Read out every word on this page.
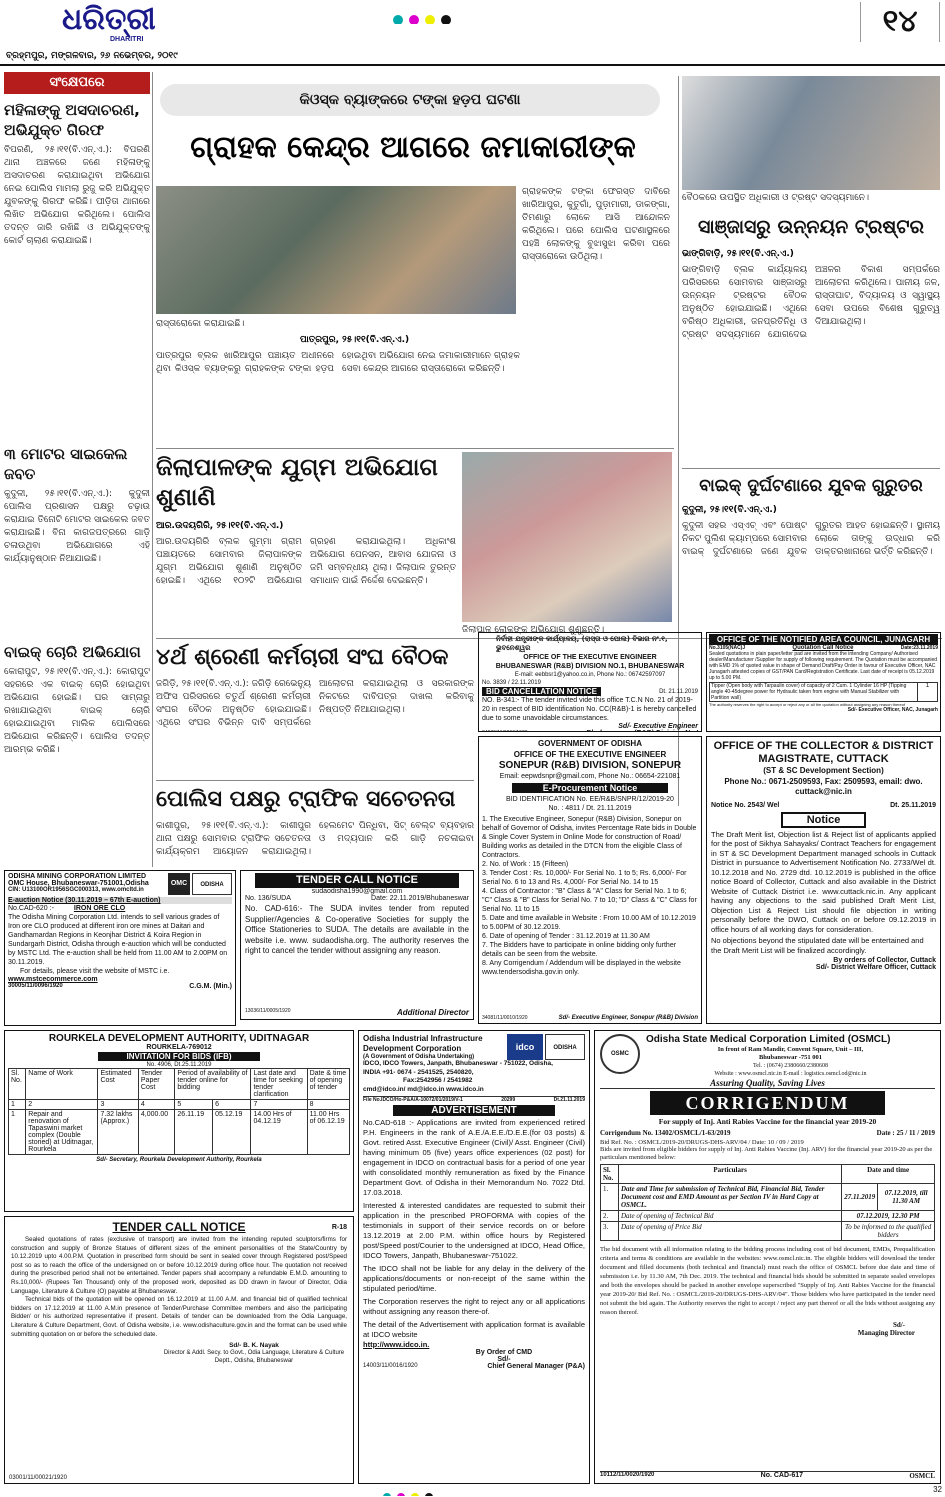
ଧରିତ୍ରୀ
DHARITRI
ବ୍ରହ୍ମପୁର, ମଙ୍ଗଳବାର, ୨୬ ନଭେମ୍ବର, ୨୦୧୯
୧୪
ସଂକ୍ଷେପରେ
ମହିଳାଙ୍କୁ ଅସଦାଚରଣ, ଅଭିଯୁକ୍ତ ଗିରଫ
ବିପରଣି, ୨୫।୧୧(ବି.ଏନ୍.ଏ.): ବିପରଣି ଥାନା ଅଞ୍ଚଳରେ ଜଣେ ମହିଳାଙ୍କୁ ଅସଦାଚରଣ କରାଯାଇଥିବା ଅଭିଯୋଗ ନେଇ ପୋଲିସ ମାମଲା ରୁଜୁ କରି ଅଭିଯୁକ୍ତ ଯୁବକଙ୍କୁ ଗିରଫ କରିଛି। ପୀଡ଼ିତା ଥାନାରେ ଲିଖିତ ଅଭିଯୋଗ କରିଥିଲେ। ପୋଲିସ ତଦନ୍ତ ଜାରି ରଖିଛି ଓ ଅଭିଯୁକ୍ତଙ୍କୁ କୋର୍ଟ ଚାଲାଣ କରାଯାଇଛି।
୩ ମୋଟର ସାଇକେଲ ଜବତ
କୁଦୁଳୀ, ୨୫।୧୧(ବି.ଏନ୍.ଏ.): କୁଦୁଳୀ ପୋଲିସ ପ୍ରଶାସନ ପକ୍ଷରୁ ଚଢ଼ାଉ କରାଯାଇ ତିନୋଟି ମୋଟର ସାଇକେଲ ଜବତ କରାଯାଇଛି। ବିନା କାଗଜପତ୍ରରେ ଗାଡ଼ି ଚଳାଉଥିବା ଅଭିଯୋଗରେ ଏହି କାର୍ଯ୍ୟାନୁଷ୍ଠାନ ନିଆଯାଇଛି।
ବାଇକ୍ ଚୋରି ଅଭିଯୋଗ
କୋରାପୁଟ, ୨୫।୧୧(ବି.ଏନ୍.ଏ.): କୋରାପୁଟ ସହରରେ ଏକ ବାଇକ୍ ଚୋରି ହୋଇଥିବା ଅଭିଯୋଗ ହୋଇଛି। ଘର ସାମ୍ନାରୁ ରଖାଯାଇଥିବା ବାଇକ୍ ଚୋରି ହୋଇଯାଇଥିବା ମାଲିକ ପୋଲିସରେ ଅଭିଯୋଗ କରିଛନ୍ତି। ପୋଲିସ ତଦନ୍ତ ଆରମ୍ଭ କରିଛି।
କିଓସ୍କ ବ୍ୟାଙ୍କରେ ଟଙ୍କା ହଡ଼ପ ଘଟଣା
ଗ୍ରାହକ କେନ୍ଦ୍ର ଆଗରେ ଜମାକାରୀଙ୍କ
ରାସ୍ତାରୋକୋ କରାଯାଇଛି।
ଗ୍ରାହକଙ୍କ ଟଙ୍କା ଫେରସ୍ତ ଦାବିରେ ଖାରିଆପୁର, କୁତୁଗାଁ, ପୁଡ଼ାମାରୀ, ଡାକଙ୍ଗା, ତିମଣାରୁ ଲୋକେ ଆସି ଆନ୍ଦୋଳନ କରିଥିଲେ। ପରେ ପୋଲିସ ଘଟଣାସ୍ଥଳରେ ପହଞ୍ଚି ଲୋକଙ୍କୁ ବୁଝାସୁଝା କରିବା ପରେ ରାସ୍ତାରୋକୋ ଉଠିଥିଲା।
ପାତ୍ରପୁର, ୨୫।୧୧(ବି.ଏନ୍.ଏ.)
ପାତ୍ରପୁର ବ୍ଲକ ଖାରିଆପୁର ପଞ୍ଚାୟତ ଅଧୀନରେ ଥିବା କିଓସ୍କ ବ୍ୟାଙ୍କରୁ ଗ୍ରାହକଙ୍କ ଟଙ୍କା ହଡ଼ପ ହୋଇଥିବା ଅଭିଯୋଗ ନେଇ ଜମାକାରୀମାନେ ଗ୍ରାହକ ସେବା କେନ୍ଦ୍ର ଆଗରେ ରାସ୍ତାରୋକୋ କରିଛନ୍ତି।
ବୈଠକରେ ଉପସ୍ଥିତ ଅଧିକାରୀ ଓ ଟ୍ରଷ୍ଟ ସଦସ୍ୟମାନେ।
ସାଞ୍ଜାସରୁ ଉନ୍ନୟନ ଟ୍ରଷ୍ଟର
ଭାଙ୍ଗିବାଡ଼ି, ୨୫।୧୧(ବି.ଏନ୍.ଏ.)
ଭାଙ୍ଗିବାଡ଼ି ବ୍ଲକ କାର୍ଯ୍ୟାଳୟ ପରିସରରେ ସୋମବାର ସାଞ୍ଜାସରୁ ଉନ୍ନୟନ ଟ୍ରଷ୍ଟର ବୈଠକ ଅନୁଷ୍ଠିତ ହୋଇଯାଇଛି। ଏଥିରେ ବରିଷ୍ଠ ଅଧିକାରୀ, ଜନପ୍ରତିନିଧି ଓ ଟ୍ରଷ୍ଟ ସଦସ୍ୟମାନେ ଯୋଗଦେଇ ଅଞ୍ଚଳର ବିକାଶ ସମ୍ପର୍କରେ ଆଲୋଚନା କରିଥିଲେ। ପାନୀୟ ଜଳ, ରାସ୍ତାଘାଟ, ବିଦ୍ୟାଳୟ ଓ ସ୍ୱାସ୍ଥ୍ୟ ସେବା ଉପରେ ବିଶେଷ ଗୁରୁତ୍ୱ ଦିଆଯାଇଥିଲା।
ଜିଲାପାଳଙ୍କ ଯୁଗ୍ମ ଅଭିଯୋଗ ଶୁଣାଣି
ଆର.ଉଦୟଗିରି, ୨୫।୧୧(ବି.ଏନ୍.ଏ.)
ଆର.ଉଦୟଗିରି ବ୍ଲକ ଗୁମ୍ମା ଗ୍ରାମ ପଞ୍ଚାୟତରେ ସୋମବାର ଜିଲାପାଳଙ୍କ ଯୁଗ୍ମ ଅଭିଯୋଗ ଶୁଣାଣି ଅନୁଷ୍ଠିତ ହୋଇଛି। ଏଥିରେ ୧୦୨ଟି ଅଭିଯୋଗ ଗ୍ରହଣ କରାଯାଇଥିଲା। ଅଧିକାଂଶ ଅଭିଯୋଗ ପେନସନ, ଆବାସ ଯୋଜନା ଓ ଜମି ସମ୍ବନ୍ଧୀୟ ଥିଲା। ଜିଲାପାଳ ତୁରନ୍ତ ସମାଧାନ ପାଇଁ ନିର୍ଦ୍ଦେଶ ଦେଇଛନ୍ତି।
ଜିଲାପାଳ ଲୋକଙ୍କ ଅଭିଯୋଗ ଶୁଣୁଛନ୍ତି।
ବାଇକ୍ ଦୁର୍ଘଟଣାରେ ଯୁବକ ଗୁରୁତର
କୁଦୁଳୀ, ୨୫।୧୧(ବି.ଏନ୍.ଏ.)
କୁଦୁଳୀ ସହର ଏସ୍ଏଚ୍ ଏବଂ ପୋଷ୍ଟ ନିକଟ ପୁଲିଶ କ୍ୟାମ୍ପରେ ସୋମବାର ବାଇକ୍ ଦୁର୍ଘଟଣାରେ ଜଣେ ଯୁବକ ଗୁରୁତର ଆହତ ହୋଇଛନ୍ତି। ସ୍ଥାନୀୟ ଲୋକେ ତାଙ୍କୁ ଉଦ୍ଧାର କରି ଡାକ୍ତରଖାନାରେ ଭର୍ତ୍ତି କରିଛନ୍ତି।
୪ର୍ଥ ଶ୍ରେଣୀ କର୍ମଚାରୀ ସଂଘ ବୈଠକ
ଜଗିଡ଼ି, ୨୫।୧୧(ବି.ଏନ୍.ଏ.): ଜଗିଡ଼ି ରେଭେନ୍ୟୁ ଅଫିସ ପରିସରରେ ଚତୁର୍ଥ ଶ୍ରେଣୀ କର୍ମଚାରୀ ସଂଘର ବୈଠକ ଅନୁଷ୍ଠିତ ହୋଇଯାଇଛି। ଏଥିରେ ସଂଘର ବିଭିନ୍ନ ଦାବି ସମ୍ପର୍କରେ ଆଲୋଚନା କରାଯାଇଥିଲା ଓ ସରକାରଙ୍କ ନିକଟରେ ଦାବିପତ୍ର ଦାଖଲ କରିବାକୁ ନିଷ୍ପତ୍ତି ନିଆଯାଇଥିଲା।
ପୋଲିସ ପକ୍ଷରୁ ଟ୍ରାଫିକ ସଚେତନତା
କାଶୀପୁର, ୨୫।୧୧(ବି.ଏନ୍.ଏ.): କାଶୀପୁର ଥାନା ପକ୍ଷରୁ ସୋମବାର ଟ୍ରାଫିକ ସଚେତନତା କାର୍ଯ୍ୟକ୍ରମ ଆୟୋଜନ କରାଯାଇଥିଲା। ହେଲମେଟ ପିନ୍ଧିବା, ସିଟ୍ ବେଲ୍ଟ ବ୍ୟବହାର ଓ ମଦ୍ୟପାନ କରି ଗାଡ଼ି ନଚଳାଇବା
ନିର୍ବାହୀ ଯନ୍ତ୍ରୀଙ୍କ କାର୍ଯ୍ୟାଳୟ, (ରାସ୍ତା ଓ ପୋଲ) ବିଭାଗ ନଂ.୧, ଭୁବନେଶ୍ୱର
OFFICE OF THE EXECUTIVE ENGINEER
BHUBANESWAR (R&B) DIVISION NO.1, BHUBANESWAR
E-mail: eebbsr1@yahoo.co.in, Phone No.: 06742597097
No. 3839 / 22.11.2019
BID CANCELLATION NOTICE	Dt. 21.11.2019
NO. B-341:- The tender invited vide this office T.C.N No. 21 of 2019-20 in respect of BID identification No. CC(R&B)-1 is hereby cancelled due to some unavoidable circumstances.
Sd/- Executive Engineer
OFFICE OF THE NOTIFIED AREA COUNCIL, JUNAGARH
No.3105(NAC)J	Quotation Call Notice	Date:23.11.2019
Sealed quotations in plain paper/letter pad are invited from the intending Company/ Authorised dealer/Manufacturer /Supplier for supply of following requirement. The Quotation must be accompanied with EMD 1% of quoted value in shape of Demand Draft/Pay Order in favour of Executive Officer, NAC Junagarh attested copies of GST/PAN Card/Registration Certificate. Last date of receipt is 05.12.2019 up to 5.00 PM.
Tipper (Open body with Tarpaulin cover) of capacity of 2 Cum. 1 Cylinder 16 HP (Tipping angle 40-45degree power for Hydraulic taken from engine with Manual Stabilizer with Partition wall)
1
The authority reserves the right to accept or reject any or all the quotation without assigning any reason thereof
Sd/- Executive Officer, NAC, Junagarh
GOVERNMENT OF ODISHA
OFFICE OF THE EXECUTIVE ENGINEER
SONEPUR (R&B) DIVISION, SONEPUR
Email: eepwdsnpr@gmail.com, Phone No.: 06654-221081
E-Procurement Notice
BID IDENTIFICATION No. EE/R&B/SNPR/12/2019-20
No. : 4811 / Dt. 21.11.2019
1. The Executive Engineer, Sonepur (R&B) Division, Sonepur on behalf of Governor of Odisha, invites Percentage Rate bids in Double & Single Cover System in Online Mode for construction of Road/ Building works as detailed in the DTCN from the eligible Class of Contractors.
2. No. of Work : 15 (Fifteen)
3. Tender Cost : Rs. 10,000/- For Serial No. 1 to 5; Rs. 6,000/- For Serial No. 6 to 13 and Rs. 4,000/- For Serial No. 14 to 15
4. Class of Contractor : "B" Class & "A" Class for Serial No. 1 to 6; "C" Class & "B" Class for Serial No. 7 to 10; "D" Class & "C" Class for Serial No. 11 to 15
5. Date and time available in Website : From 10.00 AM of 10.12.2019 to 5.00PM of 30.12.2019.
6. Date of opening of Tender : 31.12.2019 at 11.30 AM
7. The Bidders have to participate in online bidding only further details can be seen from the website.
8. Any Corrigendum / Addendum will be displayed in the website www.tendersodisha.gov.in only.
34081/11/0010/1920	Sd/- Executive Engineer, Sonepur (R&B) Division
OFFICE OF THE COLLECTOR & DISTRICT MAGISTRATE, CUTTACK
(ST & SC Development Section)
Phone No.: 0671-2509593, Fax: 2509593, email: dwo. cuttack@nic.in
Notice No. 2543/ Wel	Dt. 25.11.2019
Notice
The Draft Merit list, Objection list & Reject list of applicants applied for the post of Sikhya Sahayaks/ Contract Teachers for engagement in ST & SC Development Department managed schools in Cuttack District in pursuance to Advertisement Notification No. 2733/Wel dt. 10.12.2018 and No. 2729 dtd. 10.12.2019 is published in the office notice Board of Collector, Cuttack and also available in the District Website of Cuttack District i.e. www.cuttack.nic.in. Any applicant having any objections to the said published Draft Merit List, Objection List & Reject List should file objection in writing personally before the DWO, Cuttack on or before 09.12.2019 in office hours of all working days for consideration.
No objections beyond the stipulated date will be entertained and the Draft Merit List will be finalized accordingly.
By orders of Collector, Cuttack
Sd/- District Welfare Officer, Cuttack
ODISHA MINING CORPORATION LIMITED
OMC House, Bhubaneswar-751001,Odisha
CIN: U13100OR1956SGC000313, www.omcltd.in
OMC	ODISHA
E-auction Notice (30.11.2019 – 67th E-auction)
No.CAD-620 :-	IRON ORE CLO
The Odisha Mining Corporation Ltd. intends to sell various grades of Iron ore CLO produced at different iron ore mines at Daitari and Gandhamardan Regions in Keonjhar District & Koira Region in Sundargarh District, Odisha through e-auction which will be conducted by MSTC Ltd. The e-auction shall be held from 11.00 AM to 2.00PM on 30.11.2019.
For details, please visit the website of MSTC i.e.
www.mstcecommerce.com
30005/11/0096/1920	C.G.M. (Min.)
TENDER CALL NOTICE
sudaodisha1990@gmail.com
No. 136/SUDA	Date: 22.11.2019/Bhubaneswar
No. CAD-616:- The SUDA invites tender from reputed Supplier/Agencies & Co-operative Societies for supply the Office Stationeries to SUDA. The details are available in the website i.e. www. sudaodisha.org. The authority reserves the right to cancel the tender without assigning any reason.
13036/11/0005/1920	Additional Director
ROURKELA DEVELOPMENT AUTHORITY, UDITNAGAR
ROURKELA-769012
INVITATION FOR BIDS (IFB)
No. 4906, Dt.25.11.2019
Sl. No.	Name of Work	Estimated Cost	Tender Paper Cost	Period of availability of tender online for bidding		Last date and time for seeking tender clarification	Date & time of opening of tender
1	2	3	4	5	6	7	8
1	Repair and renovation of Tapaswini market complex (Double storied) at Uditnagar, Rourkela	7.32 lakhs (Approx.)	4,000.00	26.11.19	05.12.19	14.00 Hrs of 04.12.19	11.00 Hrs of 06.12.19
Sd/- Secretary, Rourkela Development Authority, Rourkela
TENDER CALL NOTICE	R-18
Sealed quotations of rates (exclusive of transport) are invited from the intending reputed sculptors/firms for construction and supply of Bronze Statues of different sizes of the eminent personalities of the State/Country by 10.12.2019 upto 4.00.P.M. Quotation in prescribed form should be sent in sealed cover through Registered post/Speed post so as to reach the office of the undersigned on or before 10.12.2019 during office hour. The quotation not received during the prescribed period shall not be entertained. Tender papers shall accompany a refundable E.M.D. amounting to Rs.10,000/- (Rupees Ten Thousand) only of the proposed work, deposited as DD drawn in favour of Director, Odia Language, Literature & Culture (O) payable at Bhubaneswar.
Technical bids of the quotation will be opened on 16.12.2019 at 11.00 A.M. and financial bid of qualified technical bidders on 17.12.2019 at 11.00 A.M.in presence of Tender/Purchase Committee members and also the participating Bidder/ or his authorized representative if present. Details of tender can be downloaded from the Odia Language, Literature & Culture Department, Govt. of Odisha website, i.e. www.odishaculture.gov.in and the format can be used while submitting quotation on or before the scheduled date.
Sd/- B. K. Nayak
Director & Addl. Secy. to Govt., Odia Language, Literature & Culture Deptt., Odisha, Bhubaneswar
03001/11/00021/1920
Odisha Industrial Infrastructure Development Corporation
(A Government of Odisha Undertaking)
idco	ODISHA
IDCO, IDCO Towers, Janpath, Bhubaneswar - 751022, Odisha,
INDIA +91- 0674 - 2541525, 2540820,
Fax:2542956 / 2541982
cmd@idco.in/ md@idco.in www.idco.in
File No.IDCO/Ho-P&A/A-10072/01/2019/V-1	20299	Dt.21.11.2019
ADVERTISEMENT
No.CAD-618 :- Applications are invited from experienced retired P.H. Engineers in the rank of A.E./A.E.E./D.E.E.(for 03 posts) & Govt. retired Asst. Executive Engineer (Civil)/ Asst. Engineer (Civil) having minimum 05 (five) years office experiences (02 post) for engagement in IDCO on contractual basis for a period of one year with consolidated monthly remuneration as fixed by the Finance Department Govt. of Odisha in their Memorandum No. 7022 Dtd. 17.03.2018.
Interested & interested candidates are requested to submit their application in the prescribed PROFORMA with copies of the testimonials in support of their service records on or before 13.12.2019 at 2.00 P.M. within office hours by Registered post/Speed post/Courier to the undersigned at IDCO, Head Office, IDCO Towers, Janpath, Bhubaneswar-751022.
The IDCO shall not be liable for any delay in the delivery of the applications/documents or non-receipt of the same within the stipulated period/time.
The Corporation reserves the right to reject any or all applications without assigning any reason there-of.
The detail of the Advertisement with application format is available at IDCO website
http://www.idco.in.
By Order of CMD
Sd/-
14003/11/0016/1920	Chief General Manager (P&A)
OSMC
Odisha State Medical Corporation Limited (OSMCL)
In front of Ram Mandir, Convent Square, Unit – III,
Bhubaneswar -751 001
Tel. : (0674) 2380660/2380608
Website : www.osmcl.nic.in E-mail : logistics.osmcl.od@nic.in
Assuring Quality, Saving Lives
CORRIGENDUM
For supply of Inj. Anti Rabies Vaccine for the financial year 2019-20
Corrigendum No. 13402/OSMCL/1-63/2019	Date : 25 / 11 / 2019
Bid Ref. No. : OSMCL/2019-20/DRUGS-DHS-ARV/04 / Date: 10 / 09 / 2019
Bids are invited from eligible bidders for supply of Inj. Anti Rabies Vaccine (Inj. ARV) for the financial year 2019-20 as per the particulars mentioned below:
Sl. No.	Particulars	Date and time	
1.	Date and Time for submission of Technical Bid, Financial Bid, Tender Document cost and EMD Amount as per Section IV in Hard Copy at OSMCL.	27.11.2019	07.12.2019, till 11.30 AM
2.	Date of opening of Technical Bid	07.12.2019, 12.30 PM	
3.	Date of opening of Price Bid	To be informed to the qualified bidders	
The bid document with all information relating to the bidding process including cost of bid document, EMDs, Prequalification criteria and terms & conditions are available in the websites: www.osmcl.nic.in. The eligible bidders will download the tender document and filled documents (both technical and financial) must reach the office of OSMCL before due date and time of submission i.e. by 11.30 AM, 7th Dec. 2019. The technical and financial bids should be submitted in separate sealed envelopes and both the envelopes should be packed in another envelope superscribed "Supply of Inj. Anti Rabies Vaccine for the financial year 2019-20/ Bid Ref. No. : OSMCL/2019-20/DRUGS-DHS-ARV/04". Those bidders who have participated in the tender need not submit the bid again. The Authority reserves the right to accept / reject any part thereof or all the bids without assigning any reason thereof.
Sd/-
Managing Director
10112/11/0020/1920	No. CAD-617	OSMCL
32
